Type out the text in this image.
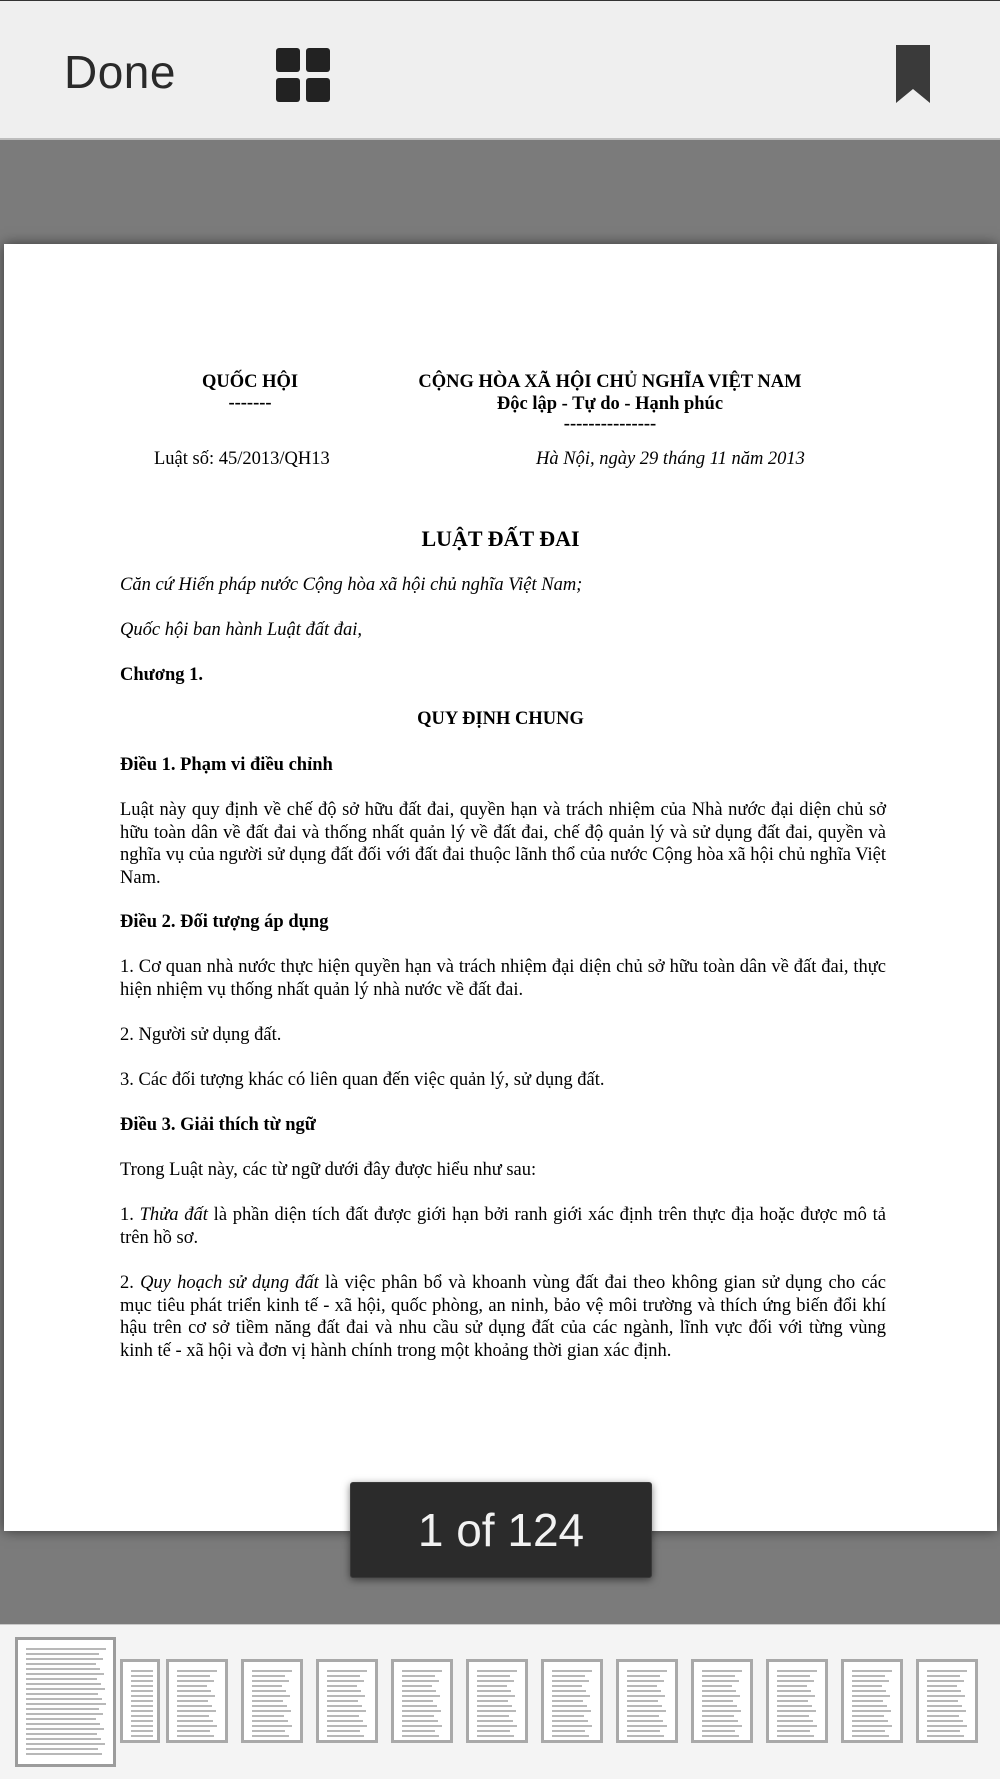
Done
QUỐC HỘI
-------
CỘNG HÒA XÃ HỘI CHỦ NGHĨA VIỆT NAM
Độc lập - Tự do - Hạnh phúc
---------------
Luật số: 45/2013/QH13	Hà Nội, ngày 29 tháng 11 năm 2013
LUẬT ĐẤT ĐAI
Căn cứ Hiến pháp nước Cộng hòa xã hội chủ nghĩa Việt Nam;
Quốc hội ban hành Luật đất đai,
Chương 1.
QUY ĐỊNH CHUNG
Điều 1. Phạm vi điều chỉnh
Luật này quy định về chế độ sở hữu đất đai, quyền hạn và trách nhiệm của Nhà nước đại diện chủ sở hữu toàn dân về đất đai và thống nhất quản lý về đất đai, chế độ quản lý và sử dụng đất đai, quyền và nghĩa vụ của người sử dụng đất đối với đất đai thuộc lãnh thổ của nước Cộng hòa xã hội chủ nghĩa Việt Nam.
Điều 2. Đối tượng áp dụng
1. Cơ quan nhà nước thực hiện quyền hạn và trách nhiệm đại diện chủ sở hữu toàn dân về đất đai, thực hiện nhiệm vụ thống nhất quản lý nhà nước về đất đai.
2. Người sử dụng đất.
3. Các đối tượng khác có liên quan đến việc quản lý, sử dụng đất.
Điều 3. Giải thích từ ngữ
Trong Luật này, các từ ngữ dưới đây được hiểu như sau:
1. Thửa đất là phần diện tích đất được giới hạn bởi ranh giới xác định trên thực địa hoặc được mô tả trên hồ sơ.
2. Quy hoạch sử dụng đất là việc phân bổ và khoanh vùng đất đai theo không gian sử dụng cho các mục tiêu phát triển kinh tế - xã hội, quốc phòng, an ninh, bảo vệ môi trường và thích ứng biến đổi khí hậu trên cơ sở tiềm năng đất đai và nhu cầu sử dụng đất của các ngành, lĩnh vực đối với từng vùng kinh tế - xã hội và đơn vị hành chính trong một khoảng thời gian xác định.
1 of 124
